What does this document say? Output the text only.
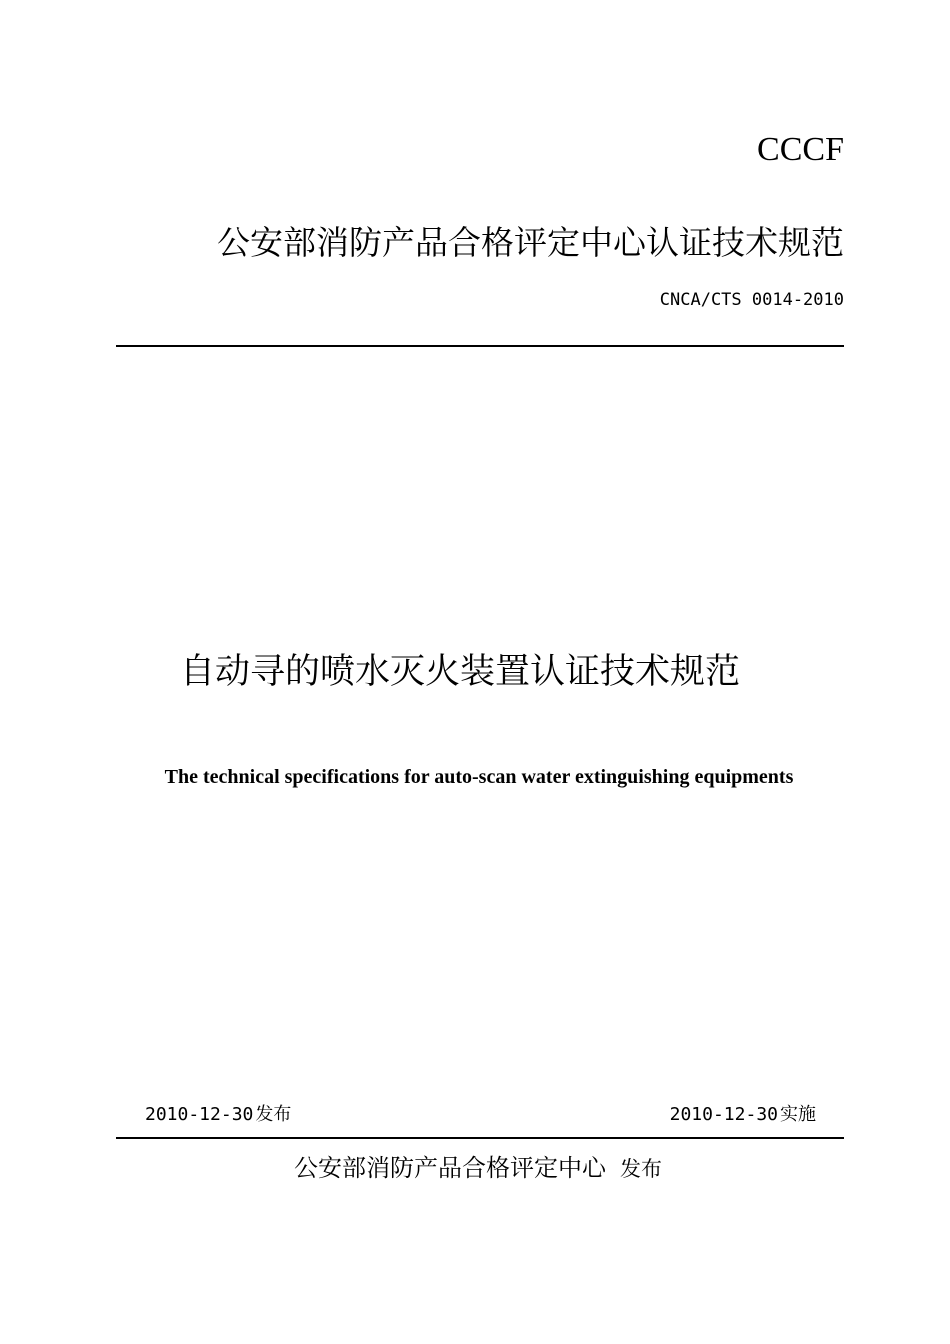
CCCF
公安部消防产品合格评定中心认证技术规范
CNCA/CTS 0014-2010
自动寻的喷水灭火装置认证技术规范
The technical specifications for auto-scan water extinguishing equipments
2010-12-30 发布	2010-12-30 实施
公安部消防产品合格评定中心 发布
